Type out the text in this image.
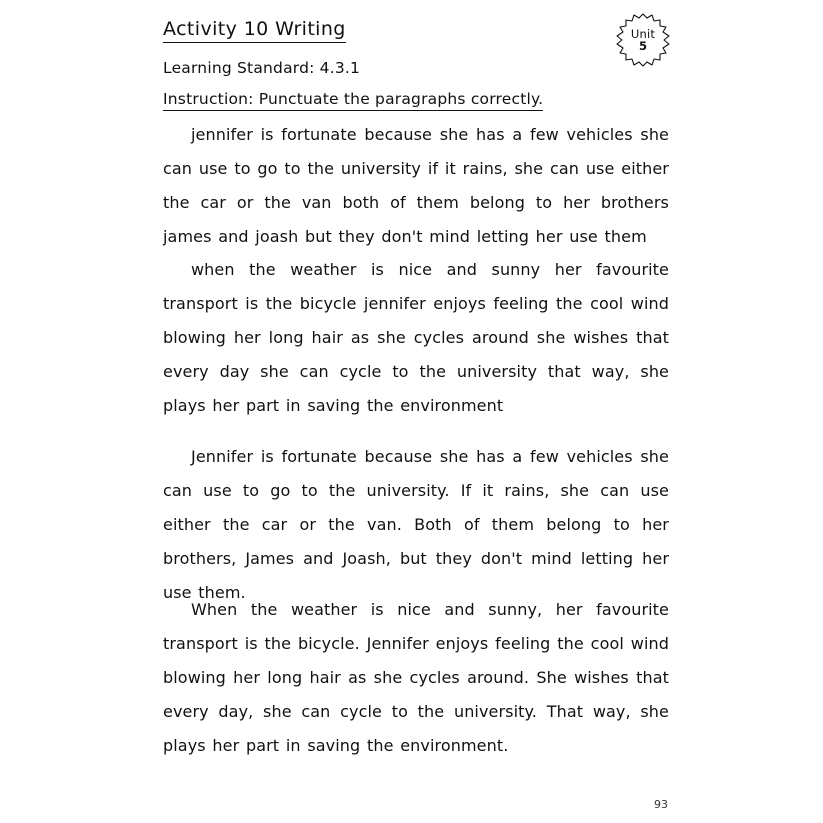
Unit
5
Activity 10 Writing
Learning Standard: 4.3.1
Instruction: Punctuate the paragraphs correctly.

jennifer is fortunate because she has a few vehicles she can use to go to the university if it rains, she can use either the car or the van both of them belong to her brothers james and joash but they don't mind letting her use them

when the weather is nice and sunny her favourite transport is the bicycle jennifer enjoys feeling the cool wind blowing her long hair as she cycles around she wishes that every day she can cycle to the university that way, she plays her part in saving the environment

Jennifer is fortunate because she has a few vehicles she can use to go to the university. If it rains, she can use either the car or the van. Both of them belong to her brothers, James and Joash, but they don't mind letting her use them.

When the weather is nice and sunny, her favourite transport is the bicycle. Jennifer enjoys feeling the cool wind blowing her long hair as she cycles around. She wishes that every day, she can cycle to the university. That way, she plays her part in saving the environment.

93
